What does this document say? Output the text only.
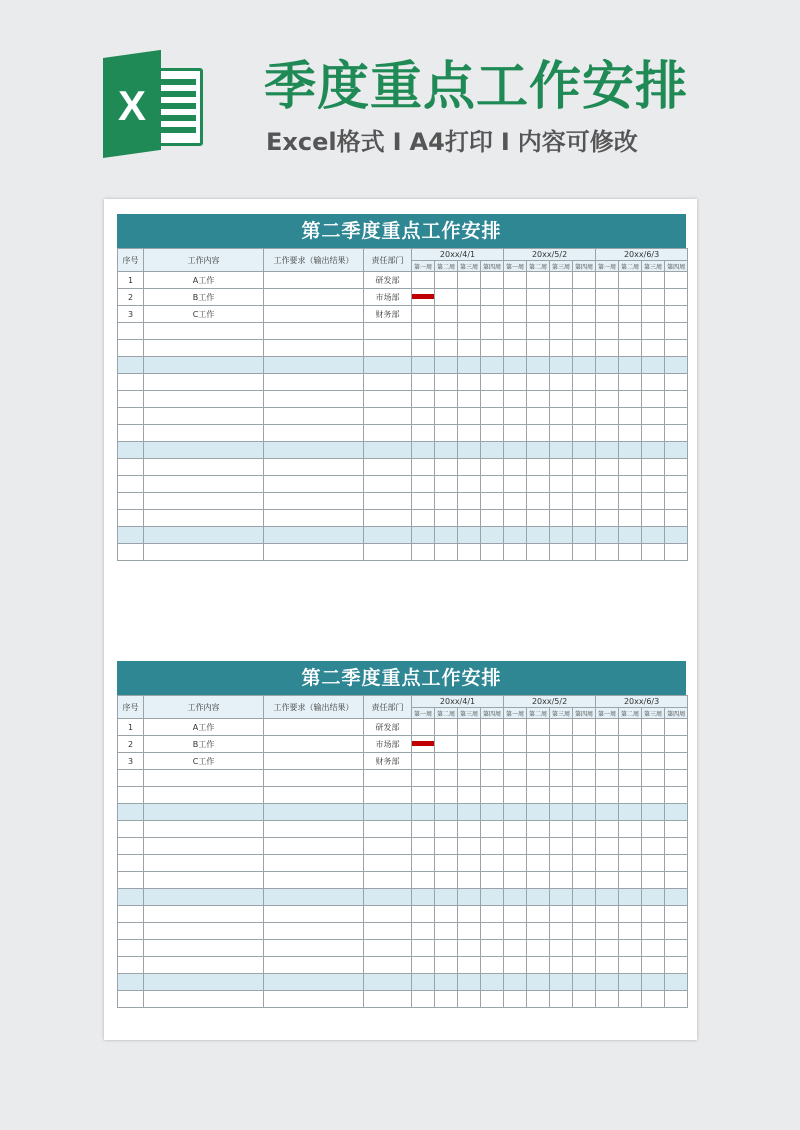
X 季度重点工作安排
Excel格式 I A4打印 I 内容可修改
第二季度重点工作安排
序号	工作内容	工作要求（输出结果）	责任部门	20xx/4/1				20xx/5/2				20xx/6/3			
				第一周	第二周	第三周	第四周	第一周	第二周	第三周	第四周	第一周	第二周	第三周	第四周
1	A工作		研发部	

2	B工作		市场部	

3	C工作		财务部	

第二季度重点工作安排
序号	工作内容	工作要求（输出结果）	责任部门	20xx/4/1				20xx/5/2				20xx/6/3			
				第一周	第二周	第三周	第四周	第一周	第二周	第三周	第四周	第一周	第二周	第三周	第四周
1	A工作		研发部	

2	B工作		市场部	

3	C工作		财务部	
